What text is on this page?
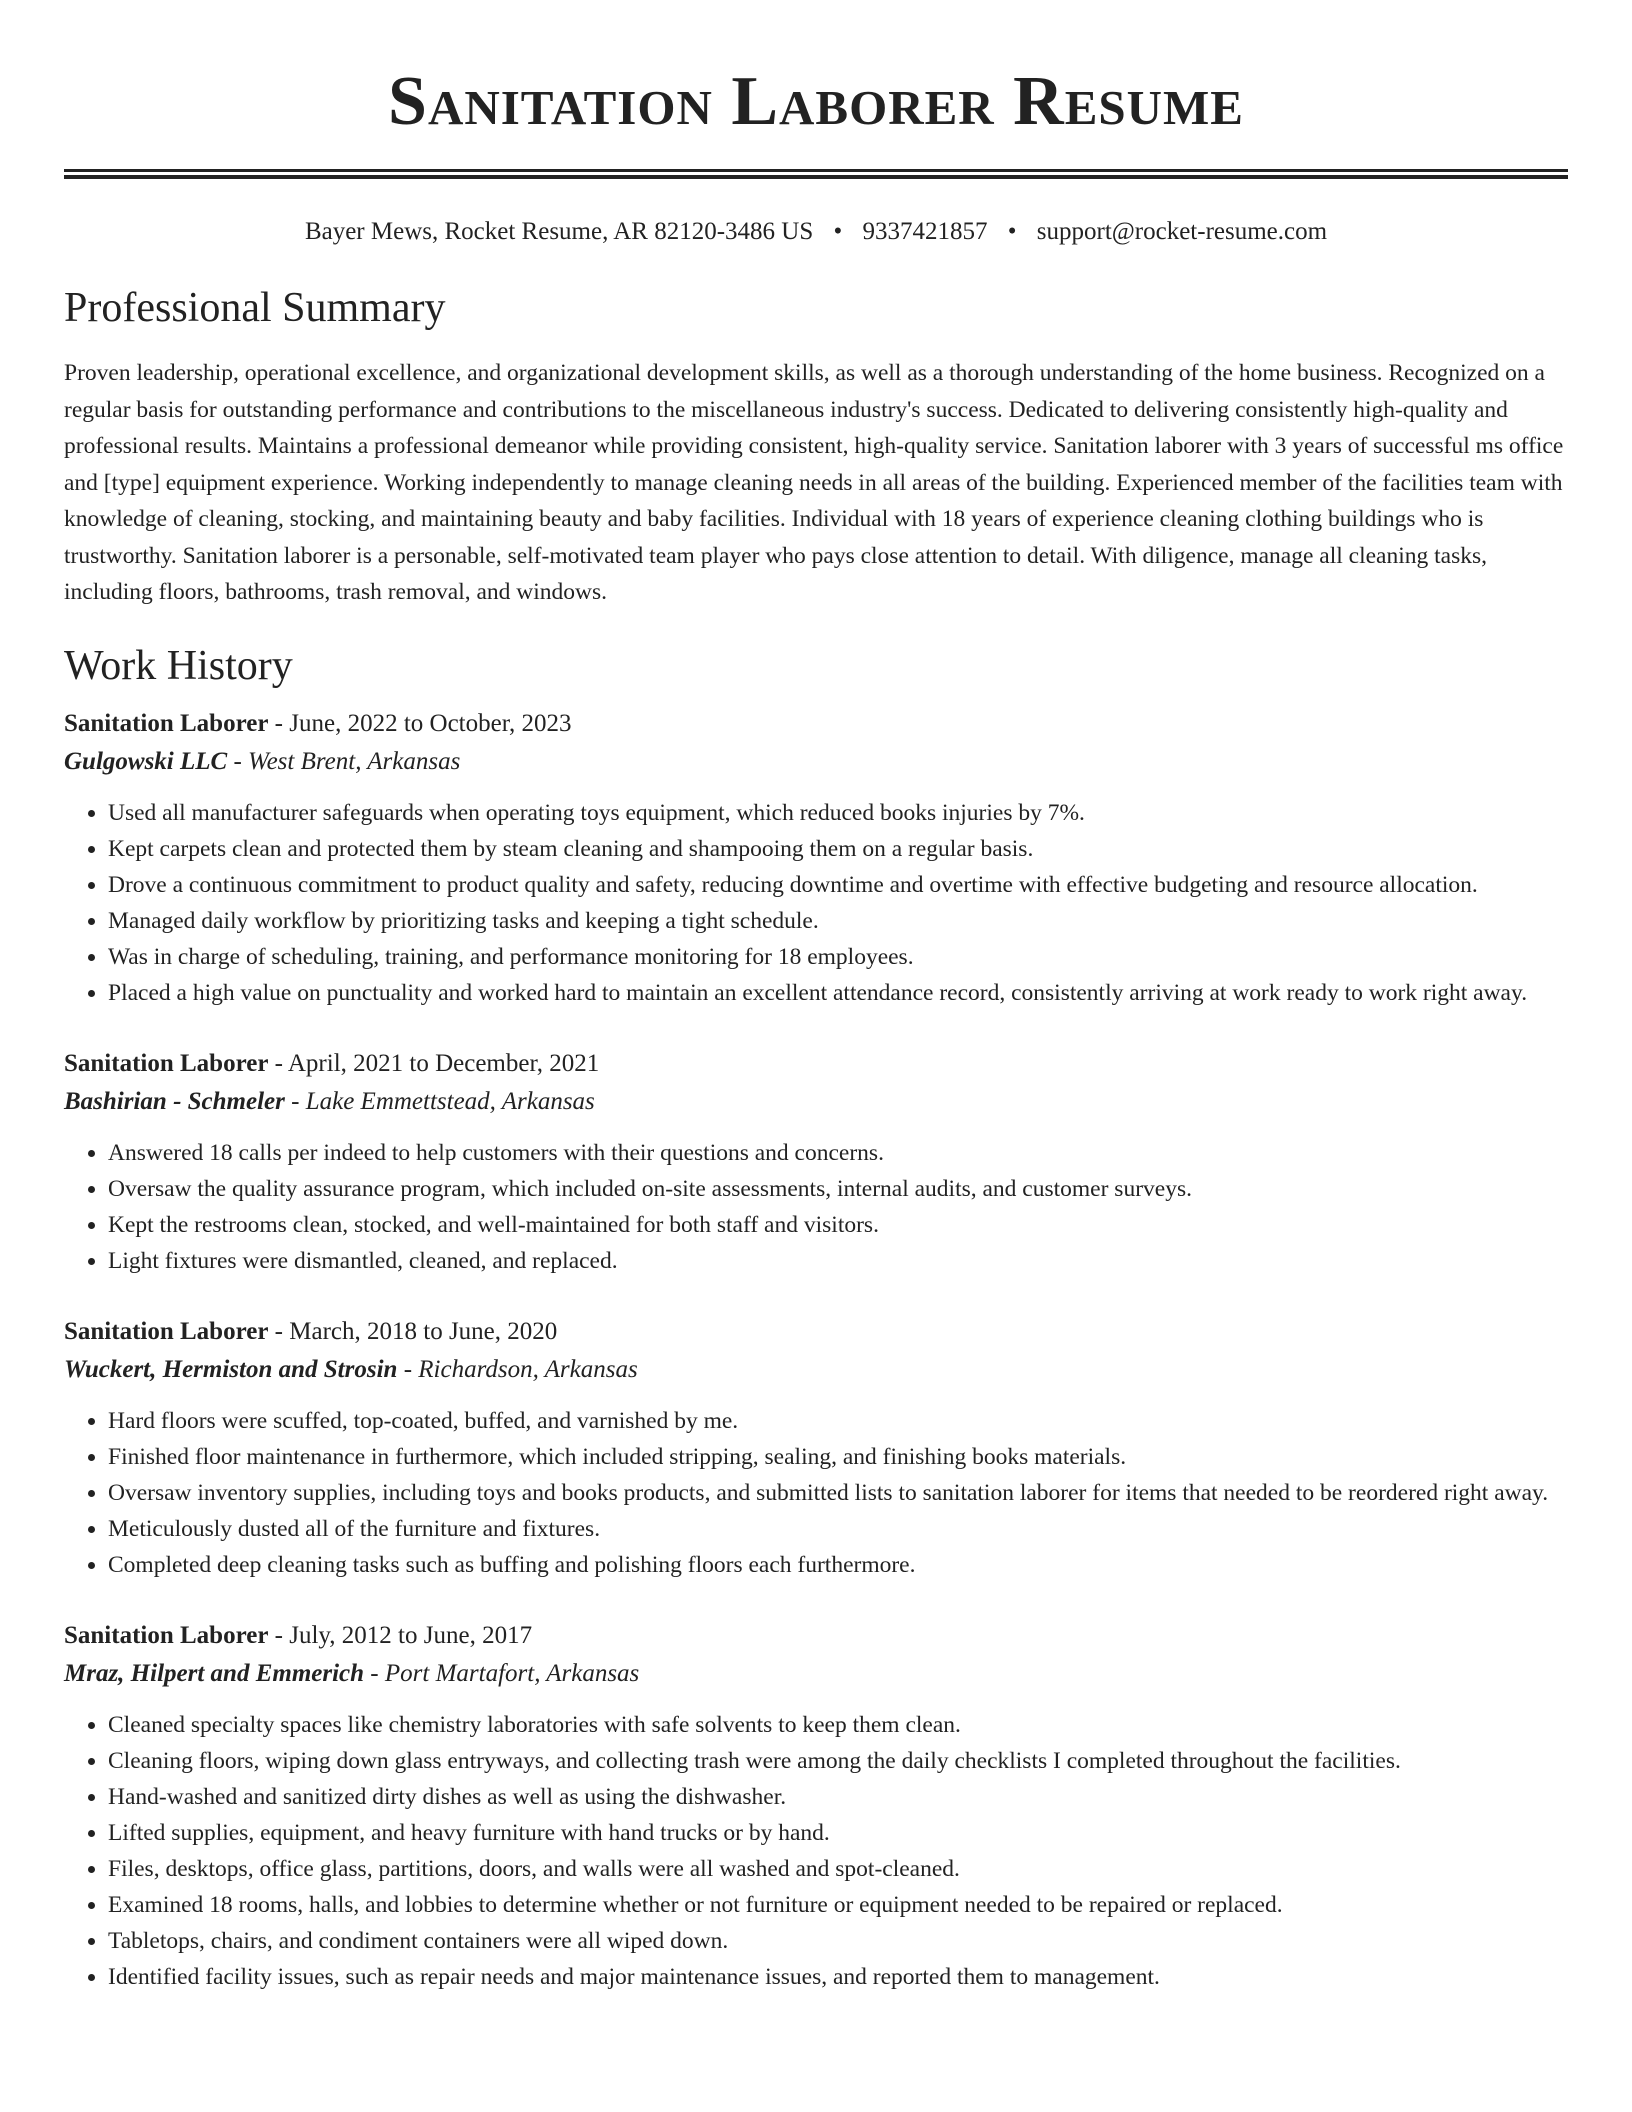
Sanitation Laborer Resume
Bayer Mews, Rocket Resume, AR 82120-3486 US • 9337421857 • support@rocket-resume.com
Professional Summary

Proven leadership, operational excellence, and organizational development skills, as well as a thorough understanding of the home business. Recognized on a regular basis for outstanding performance and contributions to the miscellaneous industry's success. Dedicated to delivering consistently high-quality and professional results. Maintains a professional demeanor while providing consistent, high-quality service. Sanitation laborer with 3 years of successful ms office and [type] equipment experience. Working independently to manage cleaning needs in all areas of the building. Experienced member of the facilities team with knowledge of cleaning, stocking, and maintaining beauty and baby facilities. Individual with 18 years of experience cleaning clothing buildings who is trustworthy. Sanitation laborer is a personable, self-motivated team player who pays close attention to detail. With diligence, manage all cleaning tasks, including floors, bathrooms, trash removal, and windows.

Work History
Sanitation Laborer - June, 2022 to October, 2023
Gulgowski LLC - West Brent, Arkansas
• Used all manufacturer safeguards when operating toys equipment, which reduced books injuries by 7%.
• Kept carpets clean and protected them by steam cleaning and shampooing them on a regular basis.
• Drove a continuous commitment to product quality and safety, reducing downtime and overtime with effective budgeting and resource allocation.
• Managed daily workflow by prioritizing tasks and keeping a tight schedule.
• Was in charge of scheduling, training, and performance monitoring for 18 employees.
• Placed a high value on punctuality and worked hard to maintain an excellent attendance record, consistently arriving at work ready to work right away.
Sanitation Laborer - April, 2021 to December, 2021
Bashirian - Schmeler - Lake Emmettstead, Arkansas
• Answered 18 calls per indeed to help customers with their questions and concerns.
• Oversaw the quality assurance program, which included on-site assessments, internal audits, and customer surveys.
• Kept the restrooms clean, stocked, and well-maintained for both staff and visitors.
• Light fixtures were dismantled, cleaned, and replaced.
Sanitation Laborer - March, 2018 to June, 2020
Wuckert, Hermiston and Strosin - Richardson, Arkansas
• Hard floors were scuffed, top-coated, buffed, and varnished by me.
• Finished floor maintenance in furthermore, which included stripping, sealing, and finishing books materials.
• Oversaw inventory supplies, including toys and books products, and submitted lists to sanitation laborer for items that needed to be reordered right away.
• Meticulously dusted all of the furniture and fixtures.
• Completed deep cleaning tasks such as buffing and polishing floors each furthermore.
Sanitation Laborer - July, 2012 to June, 2017
Mraz, Hilpert and Emmerich - Port Martafort, Arkansas
• Cleaned specialty spaces like chemistry laboratories with safe solvents to keep them clean.
• Cleaning floors, wiping down glass entryways, and collecting trash were among the daily checklists I completed throughout the facilities.
• Hand-washed and sanitized dirty dishes as well as using the dishwasher.
• Lifted supplies, equipment, and heavy furniture with hand trucks or by hand.
• Files, desktops, office glass, partitions, doors, and walls were all washed and spot-cleaned.
• Examined 18 rooms, halls, and lobbies to determine whether or not furniture or equipment needed to be repaired or replaced.
• Tabletops, chairs, and condiment containers were all wiped down.
• Identified facility issues, such as repair needs and major maintenance issues, and reported them to management.
